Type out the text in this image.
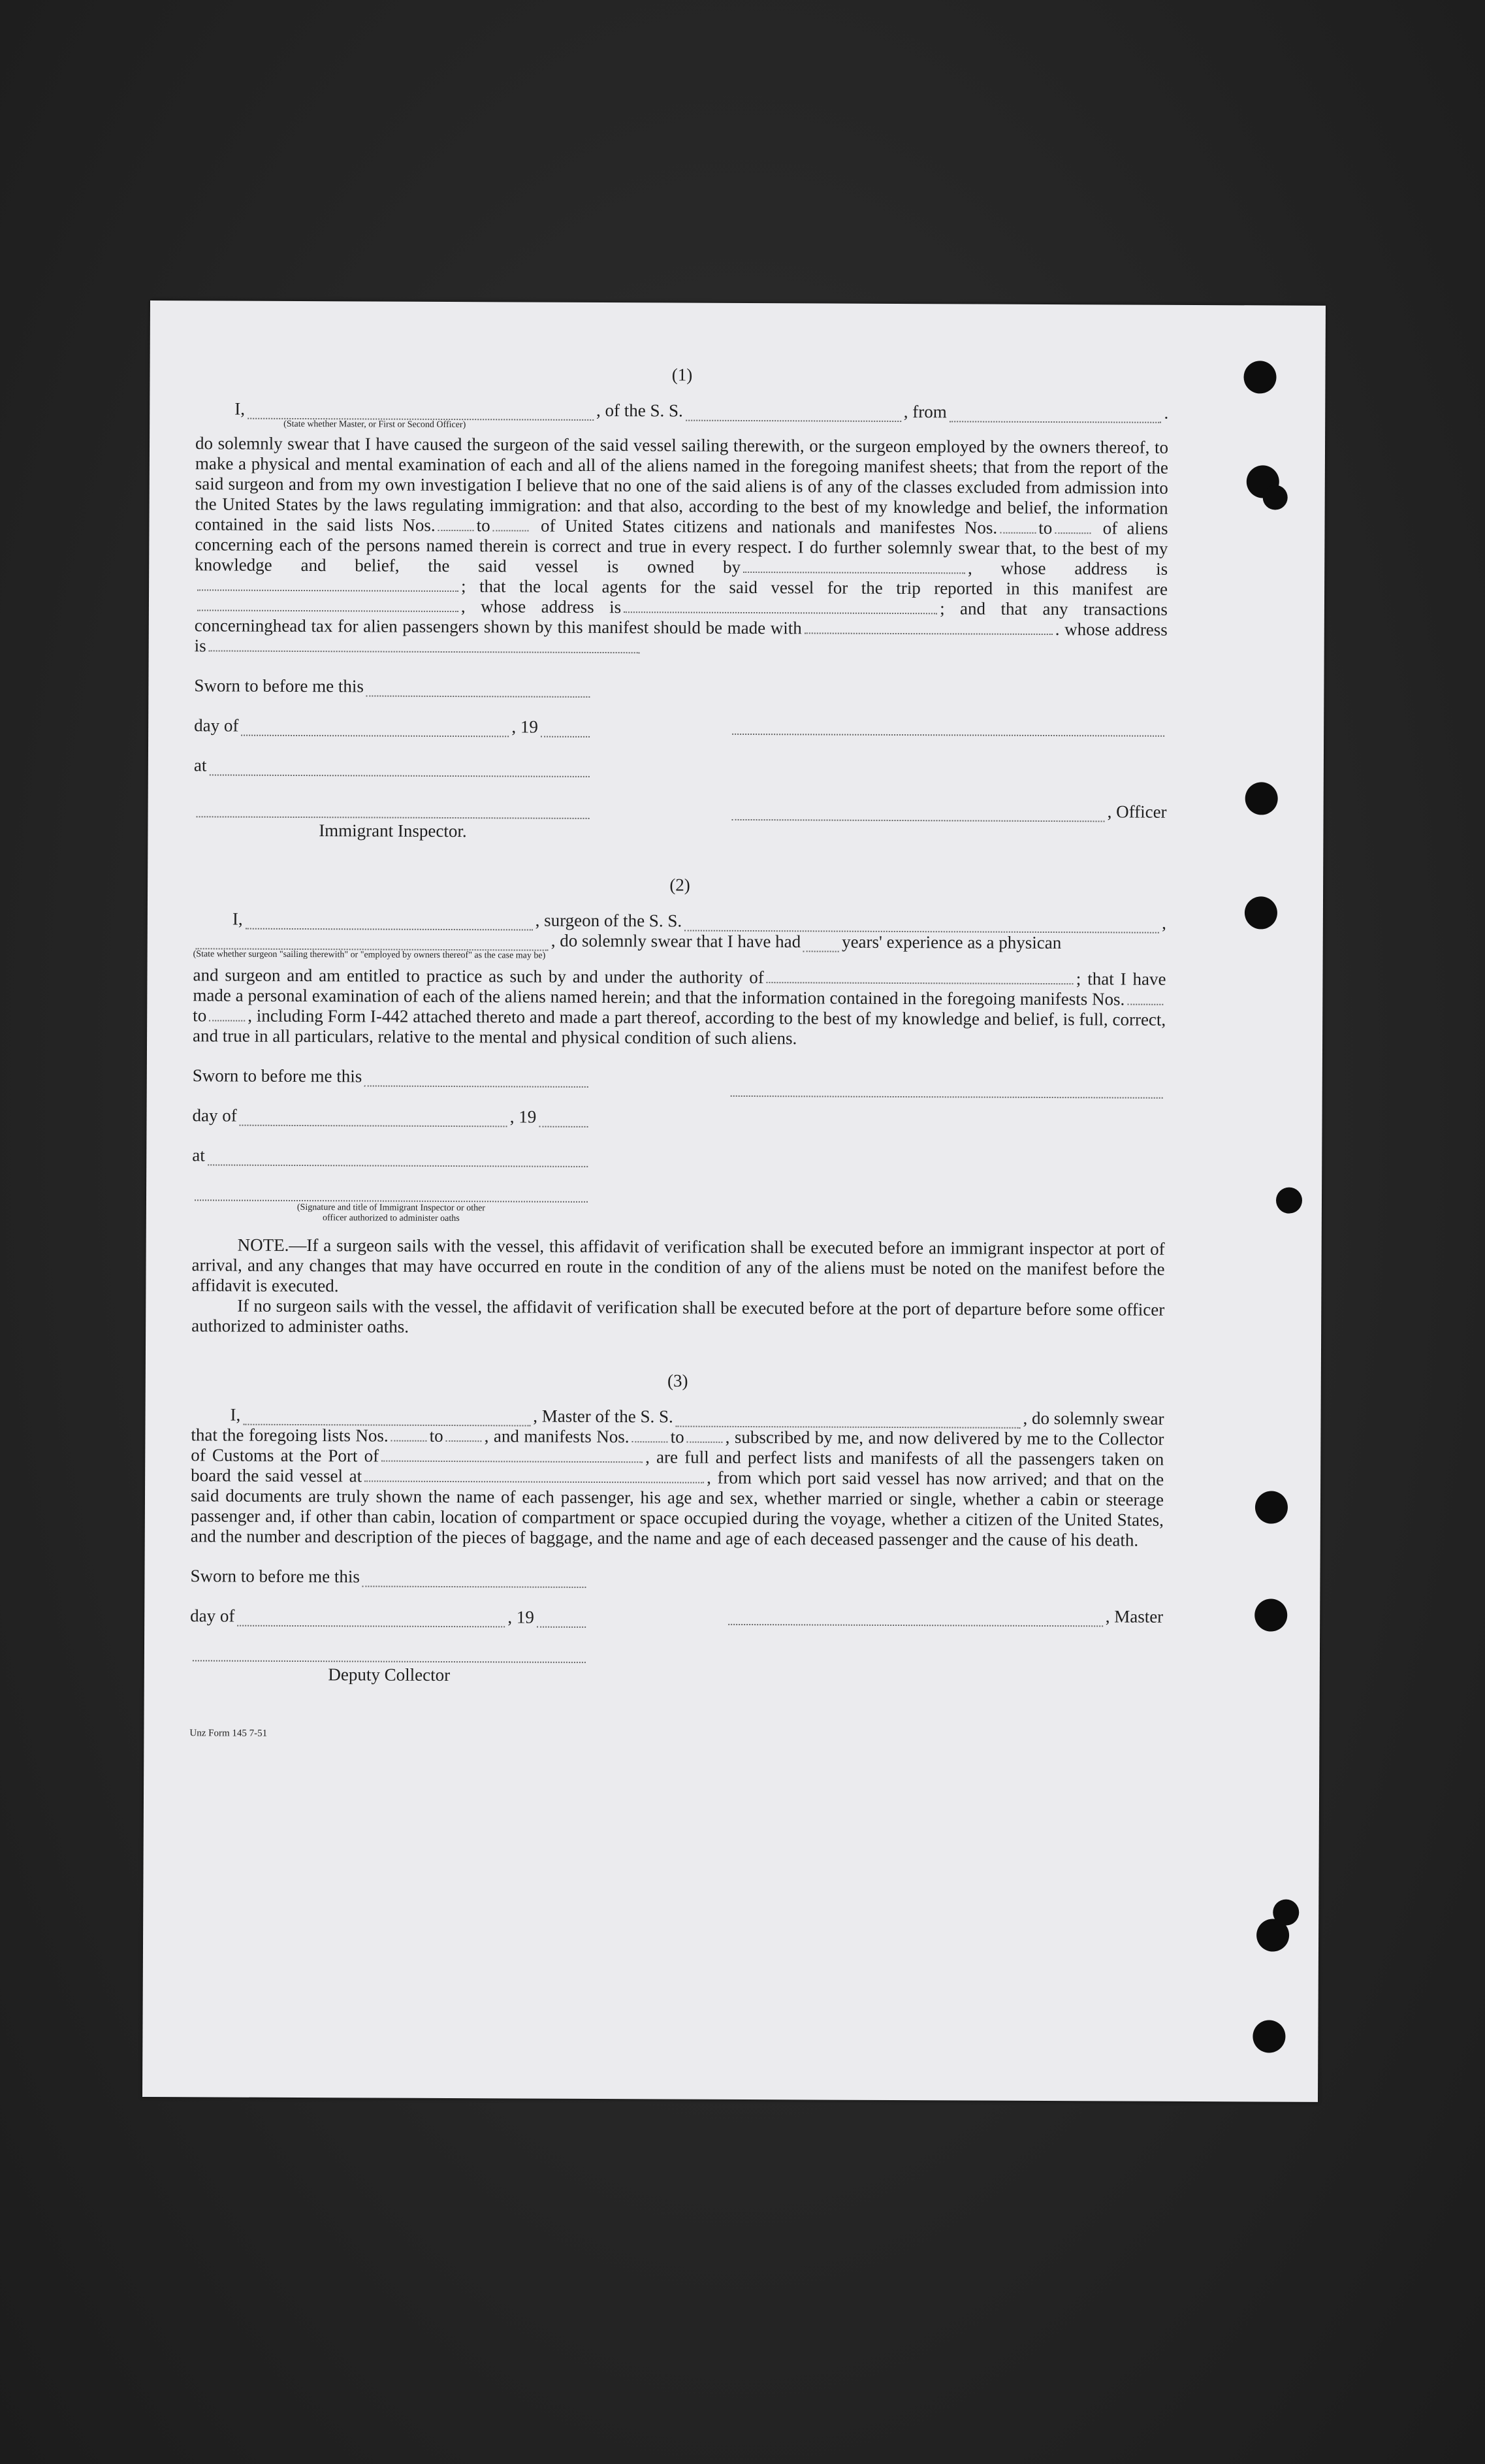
(1)
I,	, of the S. S.	, from	.
(State whether Master, or First or Second Officer)

do solemnly swear that I have caused the surgeon of the said vessel sailing therewith, or the surgeon employed by the owners thereof, to make a physical and mental examination of each and all of the aliens named in the foregoing manifest sheets; that from the report of the said surgeon and from my own investigation I believe that no one of the said aliens is of any of the classes excluded from admission into the United States by the laws regulating immigration: and that also, according to the best of my knowledge and belief, the information contained in the said lists Nos. to	of United States citizens and nationals and manifestes Nos. to	of aliens concerning each of the persons named therein is correct and true in every respect. I do further solemnly swear that, to the best of my knowledge and belief, the said vessel is owned by	, whose address is ; that the local agents for the said vessel for the trip reported in this manifest are , whose address is	; and that any transactions concerninghead tax for alien passengers shown by this manifest should be made with	. whose address is

Sworn to before me this
day of	, 19
at
Immigrant Inspector.
, Officer
(2)
I,	, surgeon of the S. S.	,
, do solemnly swear that I have had years' experience as a physican
(State whether surgeon "sailing therewith" or "employed by owners thereof" as the case may be)

and surgeon and am entitled to practice as such by and under the authority of	; that I have made a personal examination of each of the aliens named herein; and that the information contained in the foregoing manifests Nos.to , including Form I-442 attached thereto and made a part thereof, according to the best of my knowledge and belief, is full, correct, and true in all particulars, relative to the mental and physical condition of such aliens.

Sworn to before me this
day of	, 19
at
(Signature and title of Immigrant Inspector or other
officer authorized to administer oaths

NOTE.—If a surgeon sails with the vessel, this affidavit of verification shall be executed before an immigrant inspector at port of arrival, and any changes that may have occurred en route in the condition of any of the aliens must be noted on the manifest before the affidavit is executed.

If no surgeon sails with the vessel, the affidavit of verification shall be executed before at the port of departure before some officer authorized to administer oaths.

(3)
I,	, Master of the S. S.	, do solemnly swear

that the foregoing lists Nos. to , and manifests Nos. to , subscribed by me, and now delivered by me to the Collector of Customs at the Port of	, are full and perfect lists and manifests of all the passengers taken on board the said vessel at	, from which port said vessel has now arrived; and that on the said documents are truly shown the name of each passenger, his age and sex, whether married or single, whether a cabin or steerage passenger and, if other than cabin, location of compartment or space occupied during the voyage, whether a citizen of the United States, and the number and description of the pieces of baggage, and the name and age of each deceased passenger and the cause of his death.

Sworn to before me this
day of	, 19
Deputy Collector
, Master
Unz Form 145 7-51
